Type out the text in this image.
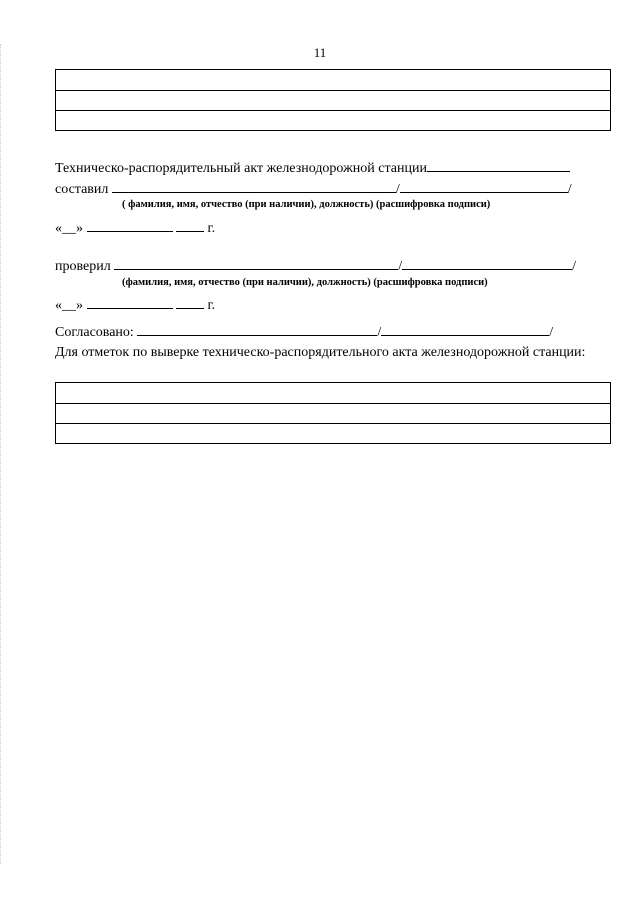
11
Техническо-распорядительный акт железнодорожной станции
составил	/	/
( фамилия, имя, отчество (при наличии), должность) (расшифровка подписи)
«__»	г.
проверил	/	/
(фамилия, имя, отчество (при наличии), должность) (расшифровка подписи)
«__»	г.
Согласовано:	/	/
Для отметок по выверке техническо-распорядительного акта железнодорожной станции:
